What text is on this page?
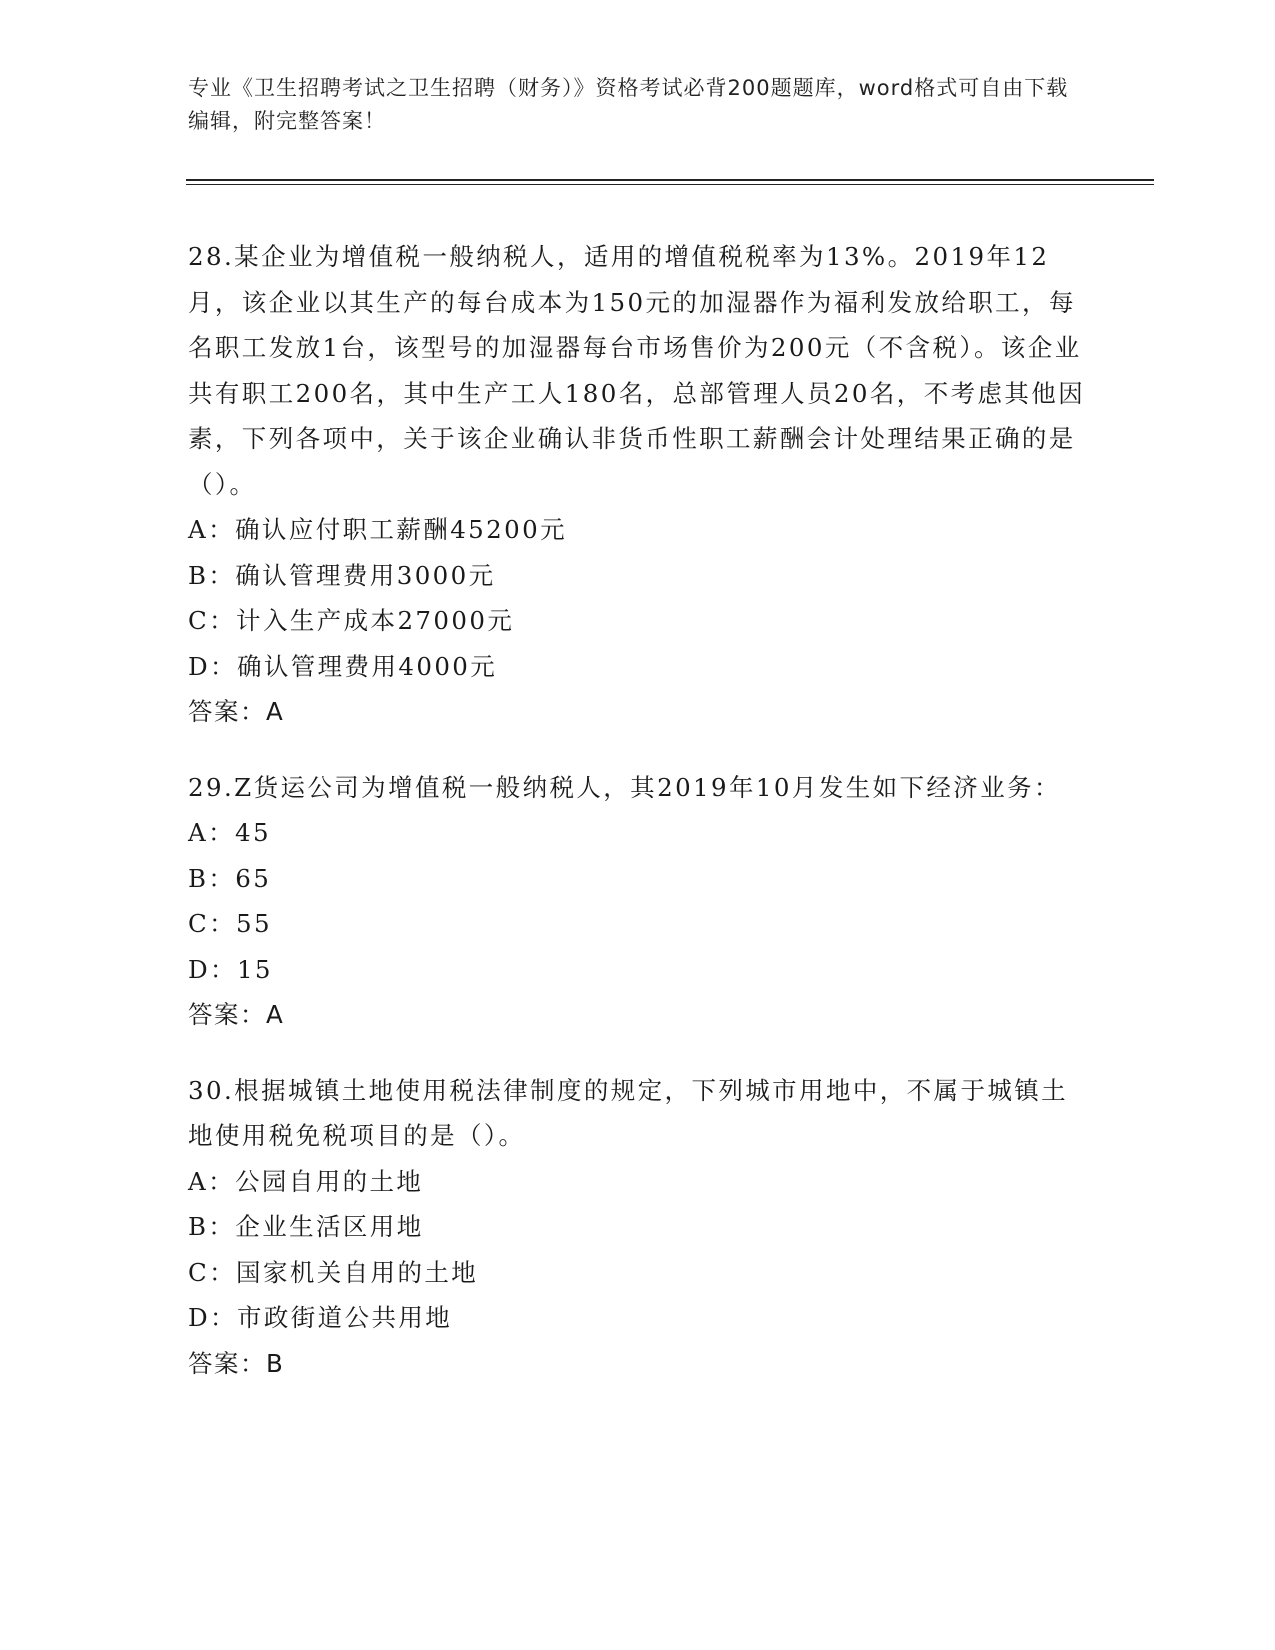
专业《卫生招聘考试之卫生招聘（财务）》资格考试必背200题题库，word格式可自由下载编辑，附完整答案！

28.某企业为增值税一般纳税人，适用的增值税税率为13%。2019年12月，该企业以其生产的每台成本为150元的加湿器作为福利发放给职工，每名职工发放1台，该型号的加湿器每台市场售价为200元（不含税）。该企业共有职工200名，其中生产工人180名，总部管理人员20名，不考虑其他因素，下列各项中，关于该企业确认非货币性职工薪酬会计处理结果正确的是（）。

A：确认应付职工薪酬45200元

B：确认管理费用3000元

C：计入生产成本27000元

D：确认管理费用4000元

答案：A

29.Z货运公司为增值税一般纳税人，其2019年10月发生如下经济业务：

A：45

B：65

C：55

D：15

答案：A

30.根据城镇土地使用税法律制度的规定，下列城市用地中，不属于城镇土地使用税免税项目的是（）。

A：公园自用的土地

B：企业生活区用地

C：国家机关自用的土地

D：市政街道公共用地

答案：B
